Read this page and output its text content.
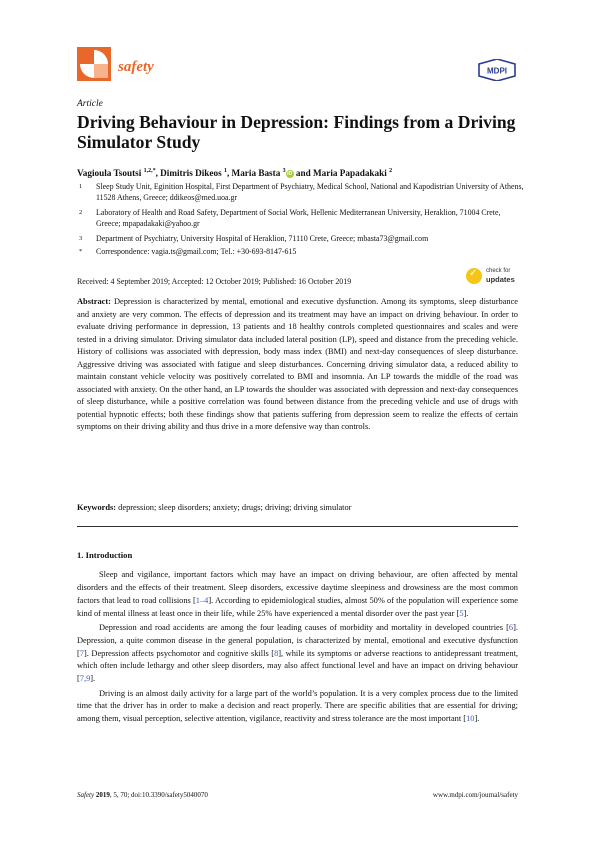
safety	MDPI
Article
Driving Behaviour in Depression: Findings from a Driving Simulator Study
Vagioula Tsoutsi $^{1,2,*}$, Dimitris Dikeos $^1$, Maria Basta $^3$iD and Maria Papadakaki $^2$
1 Sleep Study Unit, Eginition Hospital, First Department of Psychiatry, Medical School, National and Kapodistrian University of Athens, 11528 Athens, Greece; ddikeos@med.uoa.gr
2 Laboratory of Health and Road Safety, Department of Social Work, Hellenic Mediterranean University, Heraklion, 71004 Crete, Greece; mpapadakaki@yahoo.gr
3 Department of Psychiatry, University Hospital of Heraklion, 71110 Crete, Greece; mbasta73@gmail.com
* Correspondence: vagia.ts@gmail.com; Tel.: +30-693-8147-615
Received: 4 September 2019; Accepted: 12 October 2019; Published: 16 October 2019
✓ check for
updates
Abstract: Depression is characterized by mental, emotional and executive dysfunction. Among its symptoms, sleep disturbance and anxiety are very common. The effects of depression and its treatment may have an impact on driving behaviour. In order to evaluate driving performance in depression, 13 patients and 18 healthy controls completed questionnaires and scales and were tested in a driving simulator. Driving simulator data included lateral position (LP), speed and distance from the preceding vehicle. History of collisions was associated with depression, body mass index (BMI) and next-day consequences of sleep disturbance. Aggressive driving was associated with fatigue and sleep disturbances. Concerning driving simulator data, a reduced ability to maintain constant vehicle velocity was positively correlated to BMI and insomnia. An LP towards the middle of the road was associated with anxiety. On the other hand, an LP towards the shoulder was associated with depression and next-day consequences of sleep disturbance, while a positive correlation was found between distance from the preceding vehicle and use of drugs with potential hypnotic effects; both these findings show that patients suffering from depression seem to realize the effects of certain symptoms on their driving ability and thus drive in a more defensive way than controls.
Keywords: depression; sleep disorders; anxiety; drugs; driving; driving simulator
1. Introduction

Sleep and vigilance, important factors which may have an impact on driving behaviour, are often affected by mental disorders and the effects of their treatment. Sleep disorders, excessive daytime sleepiness and drowsiness are the most common factors that lead to road collisions [1–4]. According to epidemiological studies, almost 50% of the population will experience some kind of mental illness at least once in their life, while 25% have experienced a mental disorder over the past year [5].

Depression and road accidents are among the four leading causes of morbidity and mortality in developed countries [6]. Depression, a quite common disease in the general population, is characterized by mental, emotional and executive dysfunction [7]. Depression affects psychomotor and cognitive skills [8], while its symptoms or adverse reactions to antidepressant treatment, which often include lethargy and other sleep disorders, may also affect functional level and have an impact on driving behaviour [7,9].

Driving is an almost daily activity for a large part of the world’s population. It is a very complex process due to the limited time that the driver has in order to make a decision and react properly. There are specific abilities that are essential for driving; among them, visual perception, selective attention, vigilance, reactivity and stress tolerance are the most important [10].

Safety 2019, 5, 70; doi:10.3390/safety5040070	www.mdpi.com/journal/safety
